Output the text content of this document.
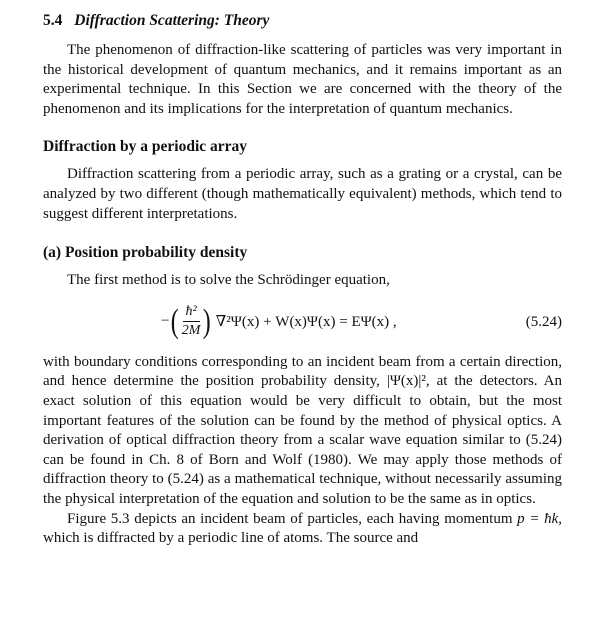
5.4 Diffraction Scattering: Theory

The phenomenon of diffraction-like scattering of particles was very important in the historical development of quantum mechanics, and it remains important as an experimental technique. In this Section we are concerned with the theory of the phenomenon and its implications for the interpretation of quantum mechanics.

Diffraction by a periodic array

Diffraction scattering from a periodic array, such as a grating or a crystal, can be analyzed by two different (though mathematically equivalent) methods, which tend to suggest different interpretations.

(a) Position probability density

The first method is to solve the Schrödinger equation,

− ( $\frac{\text{ħ²}}{2M}$ ) ∇²Ψ(x) + W(x)Ψ(x) = EΨ(x) ,	(5.24)

with boundary conditions corresponding to an incident beam from a certain direction, and hence determine the position probability density, |Ψ(x)|², at the detectors. An exact solution of this equation would be very difficult to obtain, but the most important features of the solution can be found by the method of physical optics. A derivation of optical diffraction theory from a scalar wave equation similar to (5.24) can be found in Ch. 8 of Born and Wolf (1980). We may apply those methods of diffraction theory to (5.24) as a mathematical technique, without necessarily assuming the physical interpretation of the equation and solution to be the same as in optics.

Figure 5.3 depicts an incident beam of particles, each having momentum p = ħk, which is diffracted by a periodic line of atoms. The source and
